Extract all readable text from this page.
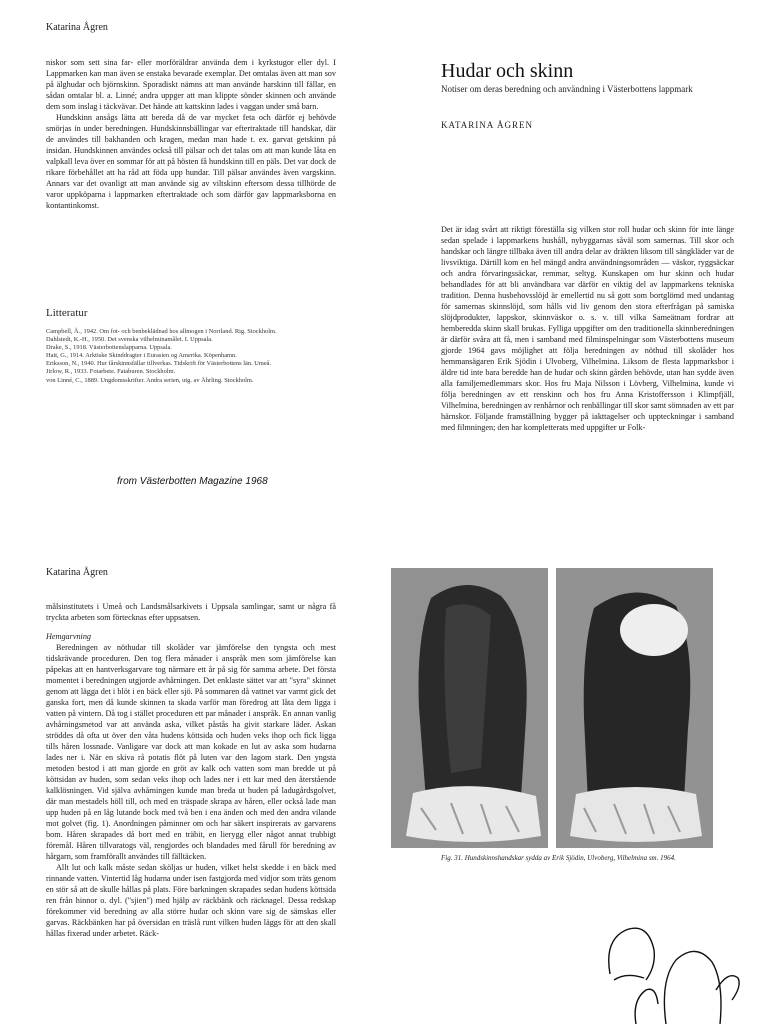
Katarina Ågren

niskor som sett sina far- eller morföräldrar använda dem i kyrkstugor eller dyl. I Lappmarken kan man även se enstaka bevarade exemplar. Det omtalas även att man sov på älghudar och björnskinn. Sporadiskt nämns att man använde harskinn till fällar, en sådan omtalar bl. a. Linné; andra uppger att man klippte sönder skinnen och använde dem som inslag i täckvävar. Det hände att kattskinn lades i vaggan under små barn.

Hundskinn ansågs lätta att bereda då de var mycket feta och därför ej behövde smörjas in under beredningen. Hundskinnsbällingar var eftertraktade till handskar, där de användes till bakhanden och kragen, medan man hade t. ex. garvat getskinn på insidan. Hundskinnen användes också till pälsar och det talas om att man kunde låta en valpkall leva över en sommar för att på hösten få hundskinn till en päls. Det var dock de rikare förbehållet att ha råd att föda upp hundar. Till pälsar användes även vargskinn. Annars var det ovanligt att man använde sig av viltskinn eftersom dessa tillhörde de varor uppköparna i lappmarken eftertraktade och som därför gav lappmarksborna en kontantinkomst.

Litteratur
Campbell, Å., 1942. Om fot- och benbeklädnad hos allmogen i Norrland. Rig. Stockholm.
Dahlstedt, K.-H., 1950. Det svenska vilhelminamålet. I. Uppsala.
Drake, S., 1918. Västerbottenslapparna. Uppsala.
Hatt, G., 1914. Arktiske Skinddragter i Eurasien og Amerika. Köpenhamn.
Eriksson, N., 1940. Hur fårskinnsfällar tillverkas. Tidskrift för Västerbottens län. Umeå.
Jirlow, R., 1933. Fotarbete. Fataburen. Stockholm.
von Linné, C., 1889. Ungdomsskrifter. Andra serien, utg. av Ährling. Stockholm.
from Västerbotten Magazine 1968
Hudar och skinn
Notiser om deras beredning och användning i Västerbottens lappmark
KATARINA ÅGREN

Det är idag svårt att riktigt föreställa sig vilken stor roll hudar och skinn för inte länge sedan spelade i lappmarkens hushåll, nybyggarnas såväl som samernas. Till skor och handskar och längre tillbaka även till andra delar av dräkten liksom till sängkläder var de livsviktiga. Därtill kom en hel mängd andra användningsområden — väskor, ryggsäckar och andra förvaringssäckar, remmar, seltyg. Kunskapen om hur skinn och hudar behandlades för att bli användbara var därför en viktig del av lappmarkens tekniska tradition. Denna husbehovsslöjd är emellertid nu så gott som bortglömd med undantag för samernas skinnslöjd, som hålls vid liv genom den stora efterfrågan på samiska slöjdprodukter, lappskor, skinnväskor o. s. v. till vilka Sameätnam fordrar att hemberedda skinn skall brukas. Fylliga uppgifter om den traditionella skinnberedningen är därför svåra att få, men i samband med filminspelningar som Västerbottens museum gjorde 1964 gavs möjlighet att följa beredningen av nöthud till skolåder hos hemmansägaren Erik Sjödin i Ulvoberg, Vilhelmina. Liksom de flesta lappmarksbor i äldre tid inte bara beredde han de hudar och skinn gården behövde, utan han sydde även alla familjemedlemmars skor. Hos fru Maja Nilsson i Lövberg, Vilhelmina, kunde vi följa beredningen av ett renskinn och hos fru Anna Kristoffersson i Klimpfjäll, Vilhelmina, beredningen av renhårnor och renbällingar till skor samt sömnaden av ett par härnskor. Följande framställning bygger på iakttagelser och uppteckningar i samband med filmningen; den har kompletterats med uppgifter ur Folk-

Katarina Ågren

målsinstitutets i Umeå och Landsmålsarkivets i Uppsala samlingar, samt ur några få tryckta arbeten som förtecknas efter uppsatsen.

Hemgarvning

Beredningen av nöthudar till skolåder var jämförelse den tyngsta och mest tidskrävande proceduren. Den tog flera månader i anspråk men som jämförelse kan påpekas att en hantverksgarvare tog närmare ett år på sig för samma arbete. Det första momentet i beredningen utgjorde avhårningen. Det enklaste sättet var att "syra" skinnet genom att lägga det i blöt i en bäck eller sjö. På sommaren då vattnet var varmt gick det ganska fort, men då kunde skinnen ta skada varför man föredrog att låta dem ligga i vatten på vintern. Då tog i stället proceduren ett par månader i anspråk. En annan vanlig avhårningsmetod var att använda aska, vilket påstås ha givit starkare läder. Askan ströddes då ofta ut över den våta hudens köttsida och huden veks ihop och fick ligga tills håren lossnade. Vanligare var dock att man kokade en lut av aska som hudarna lades ner i. När en skiva rå potatis flöt på luten var den lagom stark. Den yngsta metoden bestod i att man gjorde en gröt av kalk och vatten som man bredde ut på köttsidan av huden, som sedan veks ihop och lades ner i ett kar med den återstående kalklösningen. Vid själva avhårningen kunde man breda ut huden på ladugårdsgolvet, där man mestadels höll till, och med en träspade skrapa av håren, eller också lade man upp huden på en låg lutande bock med två ben i ena änden och med den andra vilande mot golvet (fig. 1). Anordningen påminner om och har säkert inspirerats av garvarens bom. Håren skrapades då bort med en träbit, en lierygg eller något annat trubbigt föremål. Håren tillvaratogs väl, rengjordes och blandades med fårull för beredning av hårgarn, som framförallt användes till fälltäcken.

Allt lut och kalk måste sedan sköljas ur huden, vilket helst skedde i en bäck med rinnande vatten. Vintertid låg hudarna under isen fastgjorda med vidjor som träts genom en stör så att de skulle hållas på plats. Före barkningen skrapades sedan hudens köttsida ren från hinnor o. dyl. ("sjien") med hjälp av räckbänk och räcknagel. Dessa redskap förekommer vid beredning av alla större hudar och skinn vare sig de sämskas eller garvas. Räckbänken har på översidan en träslå runt vilken huden läggs för att den skall hållas fixerad under arbetet. Räck-

Fig. 31. Hundskinnshandskar sydda av Erik Sjödin, Ulvoberg, Vilhelmina sm. 1964.
